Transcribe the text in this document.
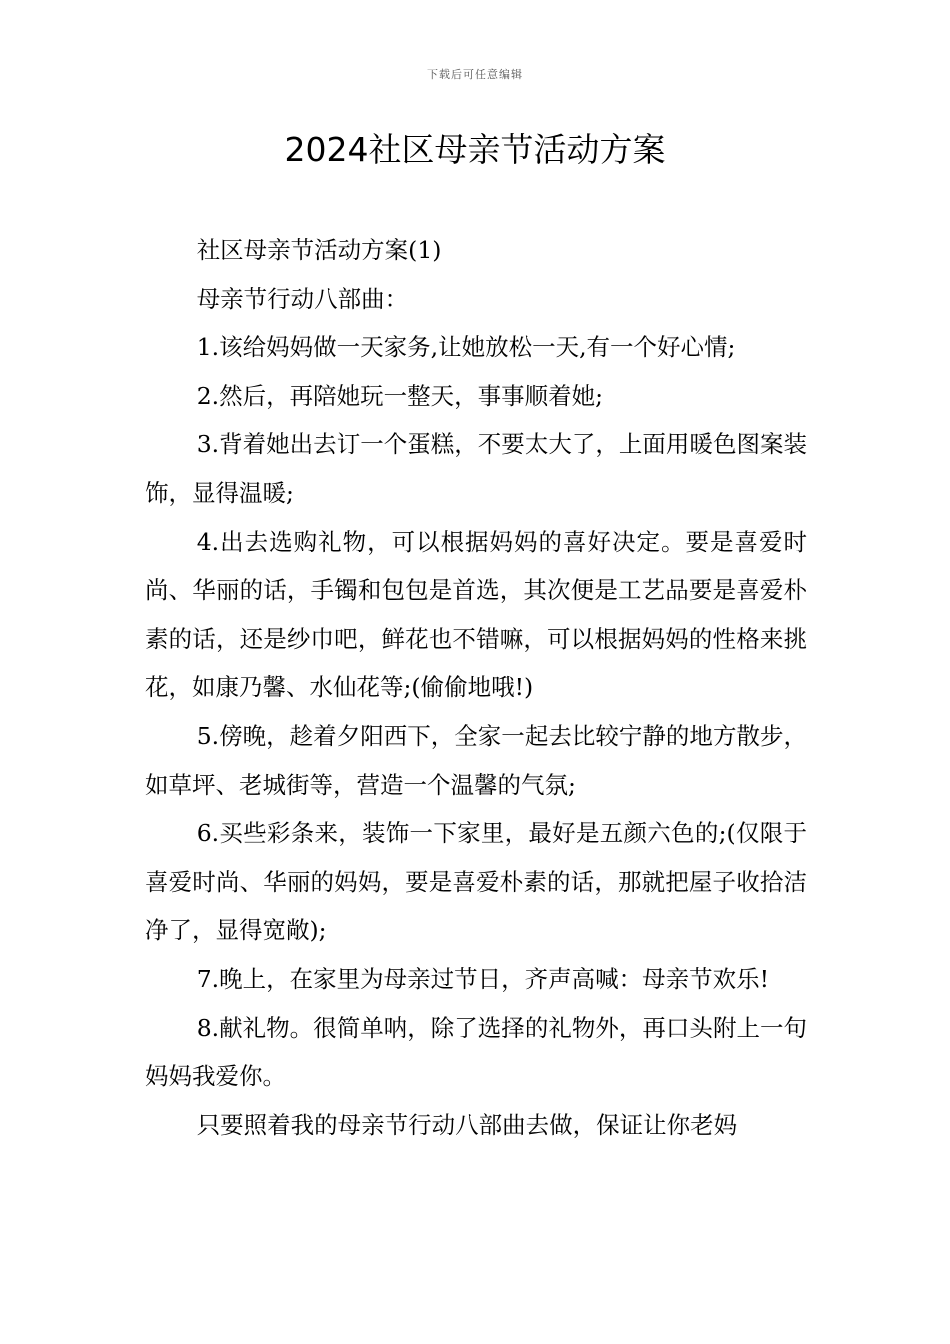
下载后可任意编辑
2024社区母亲节活动方案

社区母亲节活动方案(1)

母亲节行动八部曲：

1.该给妈妈做一天家务,让她放松一天,有一个好心情;

2.然后，再陪她玩一整天，事事顺着她;

3.背着她出去订一个蛋糕，不要太大了，上面用暖色图案装饰，显得温暖;

4.出去选购礼物，可以根据妈妈的喜好决定。要是喜爱时尚、华丽的话，手镯和包包是首选，其次便是工艺品要是喜爱朴素的话，还是纱巾吧，鲜花也不错嘛，可以根据妈妈的性格来挑花，如康乃馨、水仙花等;(偷偷地哦!)

5.傍晚，趁着夕阳西下，全家一起去比较宁静的地方散步，如草坪、老城街等，营造一个温馨的气氛;

6.买些彩条来，装饰一下家里，最好是五颜六色的;(仅限于喜爱时尚、华丽的妈妈，要是喜爱朴素的话，那就把屋子收拾洁净了，显得宽敞);

7.晚上，在家里为母亲过节日，齐声高喊：母亲节欢乐!

8.献礼物。很简单呐，除了选择的礼物外，再口头附上一句妈妈我爱你。

只要照着我的母亲节行动八部曲去做，保证让你老妈
